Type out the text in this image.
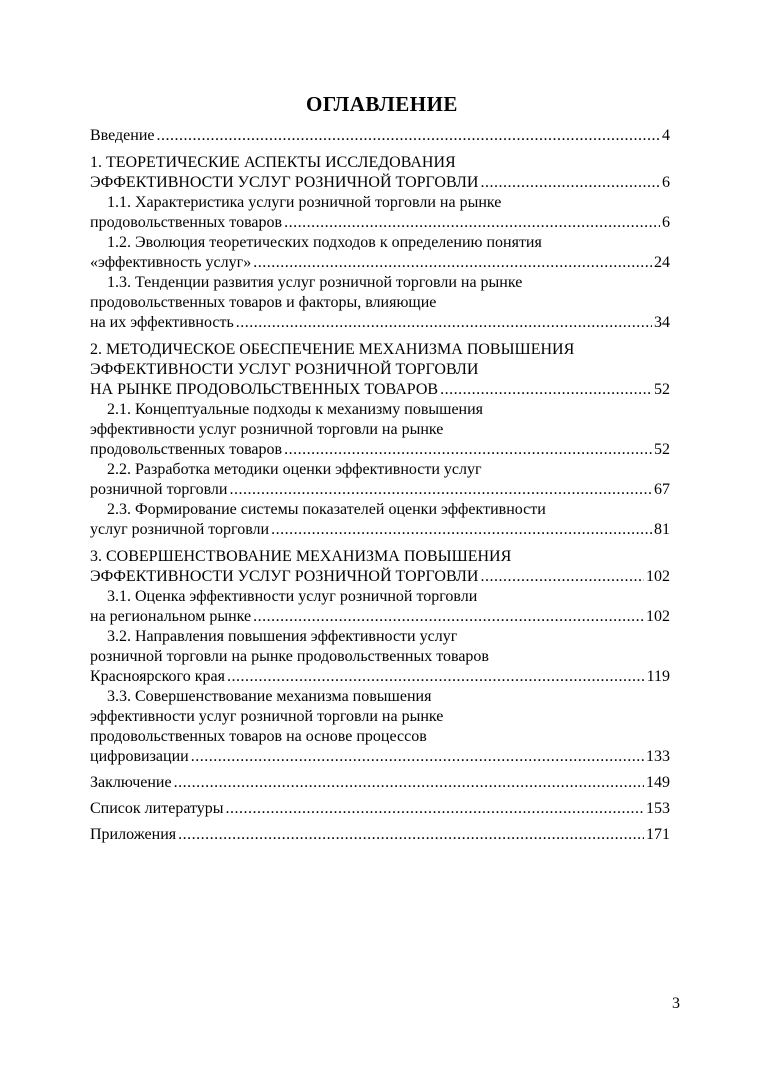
ОГЛАВЛЕНИЕ
Введение .....	4
1. ТЕОРЕТИЧЕСКИЕ АСПЕКТЫ ИССЛЕДОВАНИЯ
ЭФФЕКТИВНОСТИ УСЛУГ РОЗНИЧНОЙ ТОРГОВЛИ .....	6
1.1. Характеристика услуги розничной торговли на рынке
продовольственных товаров .....	6
1.2. Эволюция теоретических подходов к определению понятия
«эффективность услуг» .....	24
1.3. Тенденции развития услуг розничной торговли на рынке
продовольственных товаров и факторы, влияющие
на их эффективность .....	34
2. МЕТОДИЧЕСКОЕ ОБЕСПЕЧЕНИЕ МЕХАНИЗМА ПОВЫШЕНИЯ
ЭФФЕКТИВНОСТИ УСЛУГ РОЗНИЧНОЙ ТОРГОВЛИ
НА РЫНКЕ ПРОДОВОЛЬСТВЕННЫХ ТОВАРОВ .....	52
2.1. Концептуальные подходы к механизму повышения
эффективности услуг розничной торговли на рынке
продовольственных товаров .....	52
2.2. Разработка методики оценки эффективности услуг
розничной торговли .....	67
2.3. Формирование системы показателей оценки эффективности
услуг розничной торговли .....	81
3. СОВЕРШЕНСТВОВАНИЕ МЕХАНИЗМА ПОВЫШЕНИЯ
ЭФФЕКТИВНОСТИ УСЛУГ РОЗНИЧНОЙ ТОРГОВЛИ .....	102
3.1. Оценка эффективности услуг розничной торговли
на региональном рынке .....	102
3.2. Направления повышения эффективности услуг
розничной торговли на рынке продовольственных товаров
Красноярского края .....	119
3.3. Совершенствование механизма повышения
эффективности услуг розничной торговли на рынке
продовольственных товаров на основе процессов
цифровизации .....	133
Заключение .....	149
Список литературы .....	153
Приложения .....	171
3
